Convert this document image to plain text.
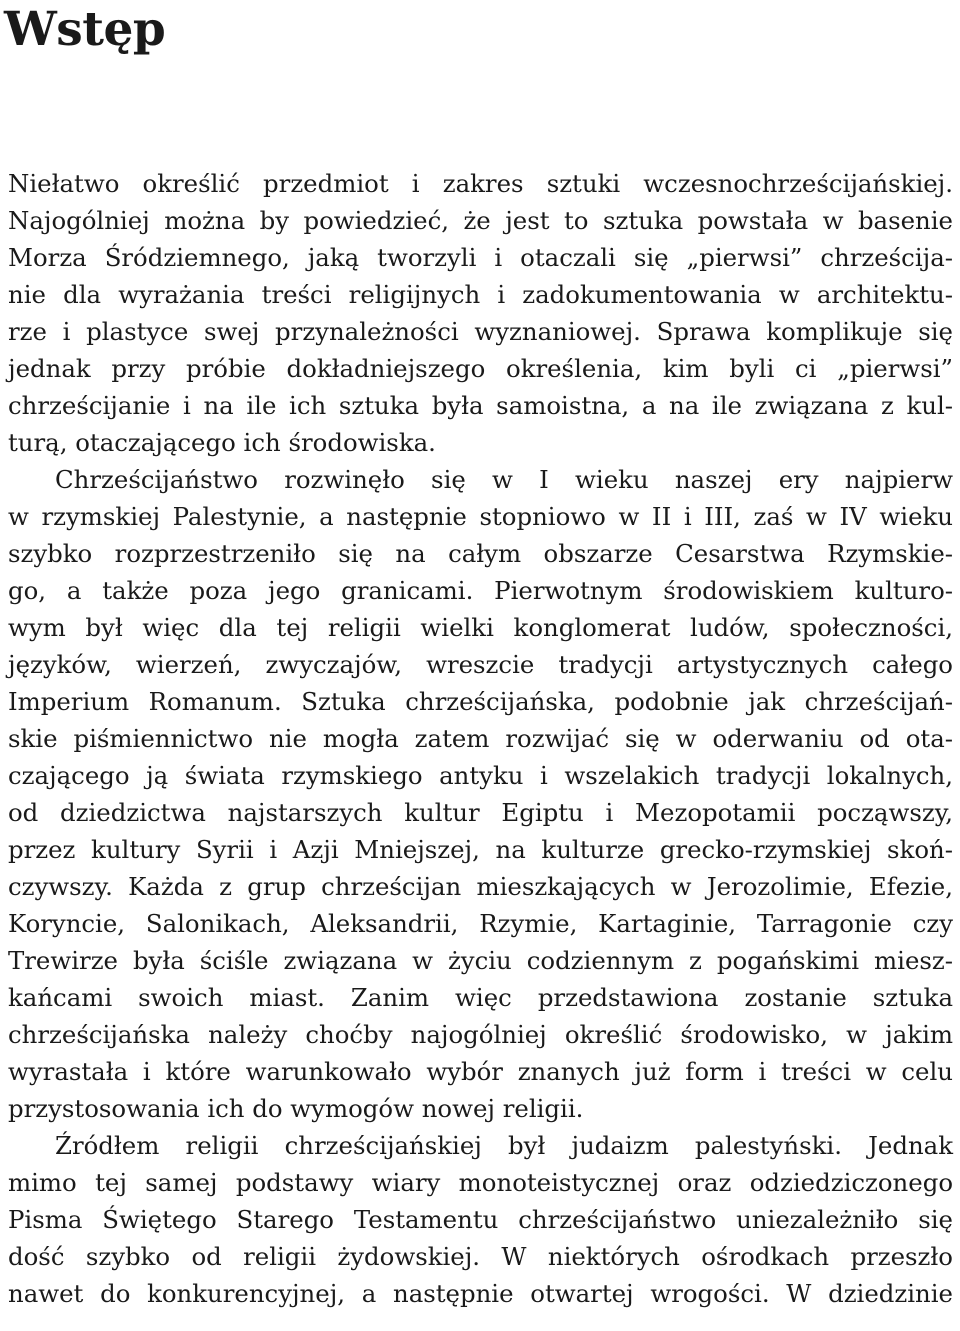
Wstęp
Niełatwo określić przedmiot i zakres sztuki wczesnochrześcijańskiej.
Najogólniej można by powiedzieć, że jest to sztuka powstała w basenie
Morza Śródziemnego, jaką tworzyli i otaczali się „pierwsi” chrześcija-
nie dla wyrażania treści religijnych i zadokumentowania w architektu-
rze i plastyce swej przynależności wyznaniowej. Sprawa komplikuje się
jednak przy próbie dokładniejszego określenia, kim byli ci „pierwsi”
chrześcijanie i na ile ich sztuka była samoistna, a na ile związana z kul-
turą, otaczającego ich środowiska.
Chrześcijaństwo rozwinęło się w I wieku naszej ery najpierw
w rzymskiej Palestynie, a następnie stopniowo w II i III, zaś w IV wieku
szybko rozprzestrzeniło się na całym obszarze Cesarstwa Rzymskie-
go, a także poza jego granicami. Pierwotnym środowiskiem kulturo-
wym był więc dla tej religii wielki konglomerat ludów, społeczności,
języków, wierzeń, zwyczajów, wreszcie tradycji artystycznych całego
Imperium Romanum. Sztuka chrześcijańska, podobnie jak chrześcijań-
skie piśmiennictwo nie mogła zatem rozwijać się w oderwaniu od ota-
czającego ją świata rzymskiego antyku i wszelakich tradycji lokalnych,
od dziedzictwa najstarszych kultur Egiptu i Mezopotamii począwszy,
przez kultury Syrii i Azji Mniejszej, na kulturze grecko-rzymskiej skoń-
czywszy. Każda z grup chrześcijan mieszkających w Jerozolimie, Efezie,
Koryncie, Salonikach, Aleksandrii, Rzymie, Kartaginie, Tarragonie czy
Trewirze była ściśle związana w życiu codziennym z pogańskimi miesz-
kańcami swoich miast. Zanim więc przedstawiona zostanie sztuka
chrześcijańska należy choćby najogólniej określić środowisko, w jakim
wyrastała i które warunkowało wybór znanych już form i treści w celu
przystosowania ich do wymogów nowej religii.
Źródłem religii chrześcijańskiej był judaizm palestyński. Jednak
mimo tej samej podstawy wiary monoteistycznej oraz odziedziczonego
Pisma Świętego Starego Testamentu chrześcijaństwo uniezależniło się
dość szybko od religii żydowskiej. W niektórych ośrodkach przeszło
nawet do konkurencyjnej, a następnie otwartej wrogości. W dziedzinie
